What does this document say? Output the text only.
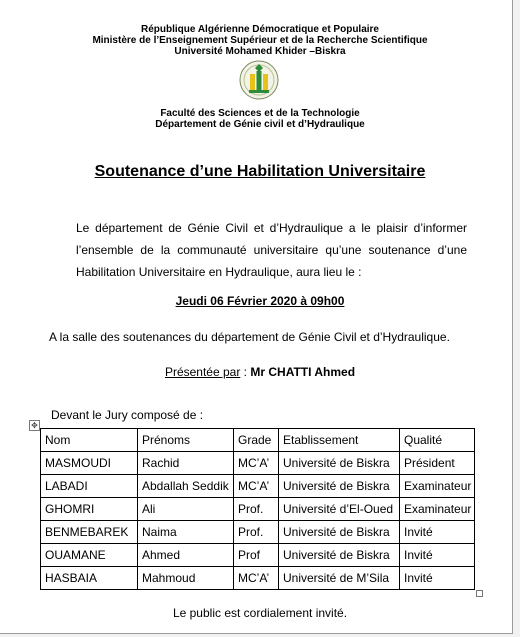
République Algérienne Démocratique et Populaire
Ministère de l’Enseignement Supérieur et de la Recherche Scientifique
Université Mohamed Khider –Biskra
Faculté des Sciences et de la Technologie
Département de Génie civil et d’Hydraulique
Soutenance d’une Habilitation Universitaire
Le département de Génie Civil et d’Hydraulique a le plaisir d’informer
l’ensemble de la communauté universitaire qu’une soutenance d’une
Habilitation Universitaire en Hydraulique, aura lieu le :
Jeudi 06 Février 2020 à 09h00
A la salle des soutenances du département de Génie Civil et d’Hydraulique.
Présentée par : Mr CHATTI Ahmed
Devant le Jury composé de :
✥
Nom	Prénoms	Grade	Etablissement	Qualité
MASMOUDI	Rachid	MC’A’	Université de Biskra	Président
LABADI	Abdallah Seddik	MC’A’	Université de Biskra	Examinateur
GHOMRI	Ali	Prof.	Université d’El-Oued	Examinateur
BENMEBAREK	Naima	Prof.	Université de Biskra	Invité
OUAMANE	Ahmed	Prof	Université de Biskra	Invité
HASBAIA	Mahmoud	MC’A’	Université de M’Sila	Invité
Le public est cordialement invité.
